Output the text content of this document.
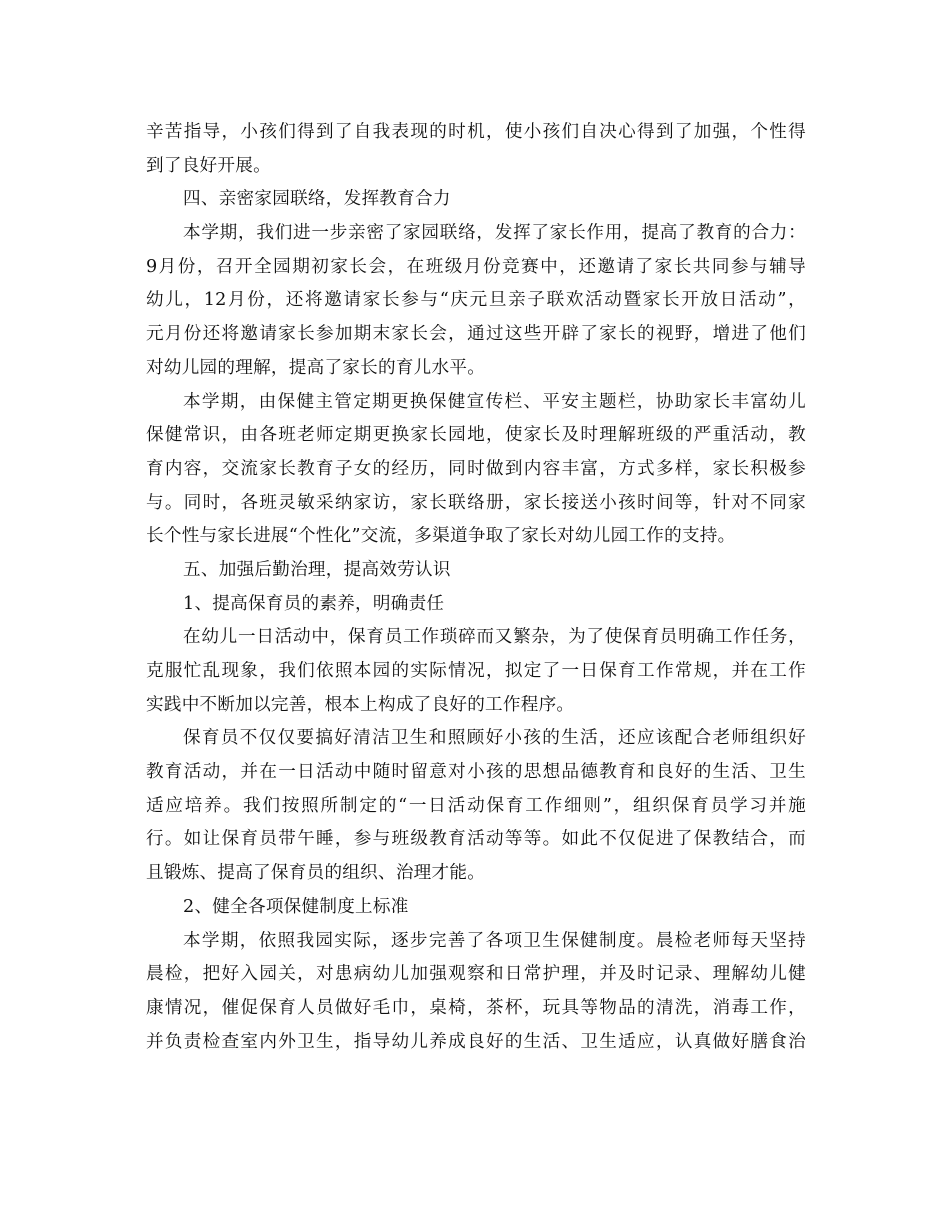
辛苦指导，小孩们得到了自我表现的时机，使小孩们自决心得到了加强，个性得
到了良好开展。
四、亲密家园联络，发挥教育合力
本学期，我们进一步亲密了家园联络，发挥了家长作用，提高了教育的合力：
9月份，召开全园期初家长会，在班级月份竞赛中，还邀请了家长共同参与辅导
幼儿，12月份，还将邀请家长参与“庆元旦亲子联欢活动暨家长开放日活动”，
元月份还将邀请家长参加期末家长会，通过这些开辟了家长的视野，增进了他们
对幼儿园的理解，提高了家长的育儿水平。
本学期，由保健主管定期更换保健宣传栏、平安主题栏，协助家长丰富幼儿
保健常识，由各班老师定期更换家长园地，使家长及时理解班级的严重活动，教
育内容，交流家长教育子女的经历，同时做到内容丰富，方式多样，家长积极参
与。同时，各班灵敏采纳家访，家长联络册，家长接送小孩时间等，针对不同家
长个性与家长进展“个性化”交流，多渠道争取了家长对幼儿园工作的支持。
五、加强后勤治理，提高效劳认识
1、提高保育员的素养，明确责任
在幼儿一日活动中，保育员工作琐碎而又繁杂，为了使保育员明确工作任务，
克服忙乱现象，我们依照本园的实际情况，拟定了一日保育工作常规，并在工作
实践中不断加以完善，根本上构成了良好的工作程序。
保育员不仅仅要搞好清洁卫生和照顾好小孩的生活，还应该配合老师组织好
教育活动，并在一日活动中随时留意对小孩的思想品德教育和良好的生活、卫生
适应培养。我们按照所制定的“一日活动保育工作细则”，组织保育员学习并施
行。如让保育员带午睡，参与班级教育活动等等。如此不仅促进了保教结合，而
且锻炼、提高了保育员的组织、治理才能。
2、健全各项保健制度上标准
本学期，依照我园实际，逐步完善了各项卫生保健制度。晨检老师每天坚持
晨检，把好入园关，对患病幼儿加强观察和日常护理，并及时记录、理解幼儿健
康情况，催促保育人员做好毛巾，桌椅，茶杯，玩具等物品的清洗，消毒工作，
并负责检查室内外卫生，指导幼儿养成良好的生活、卫生适应，认真做好膳食治
